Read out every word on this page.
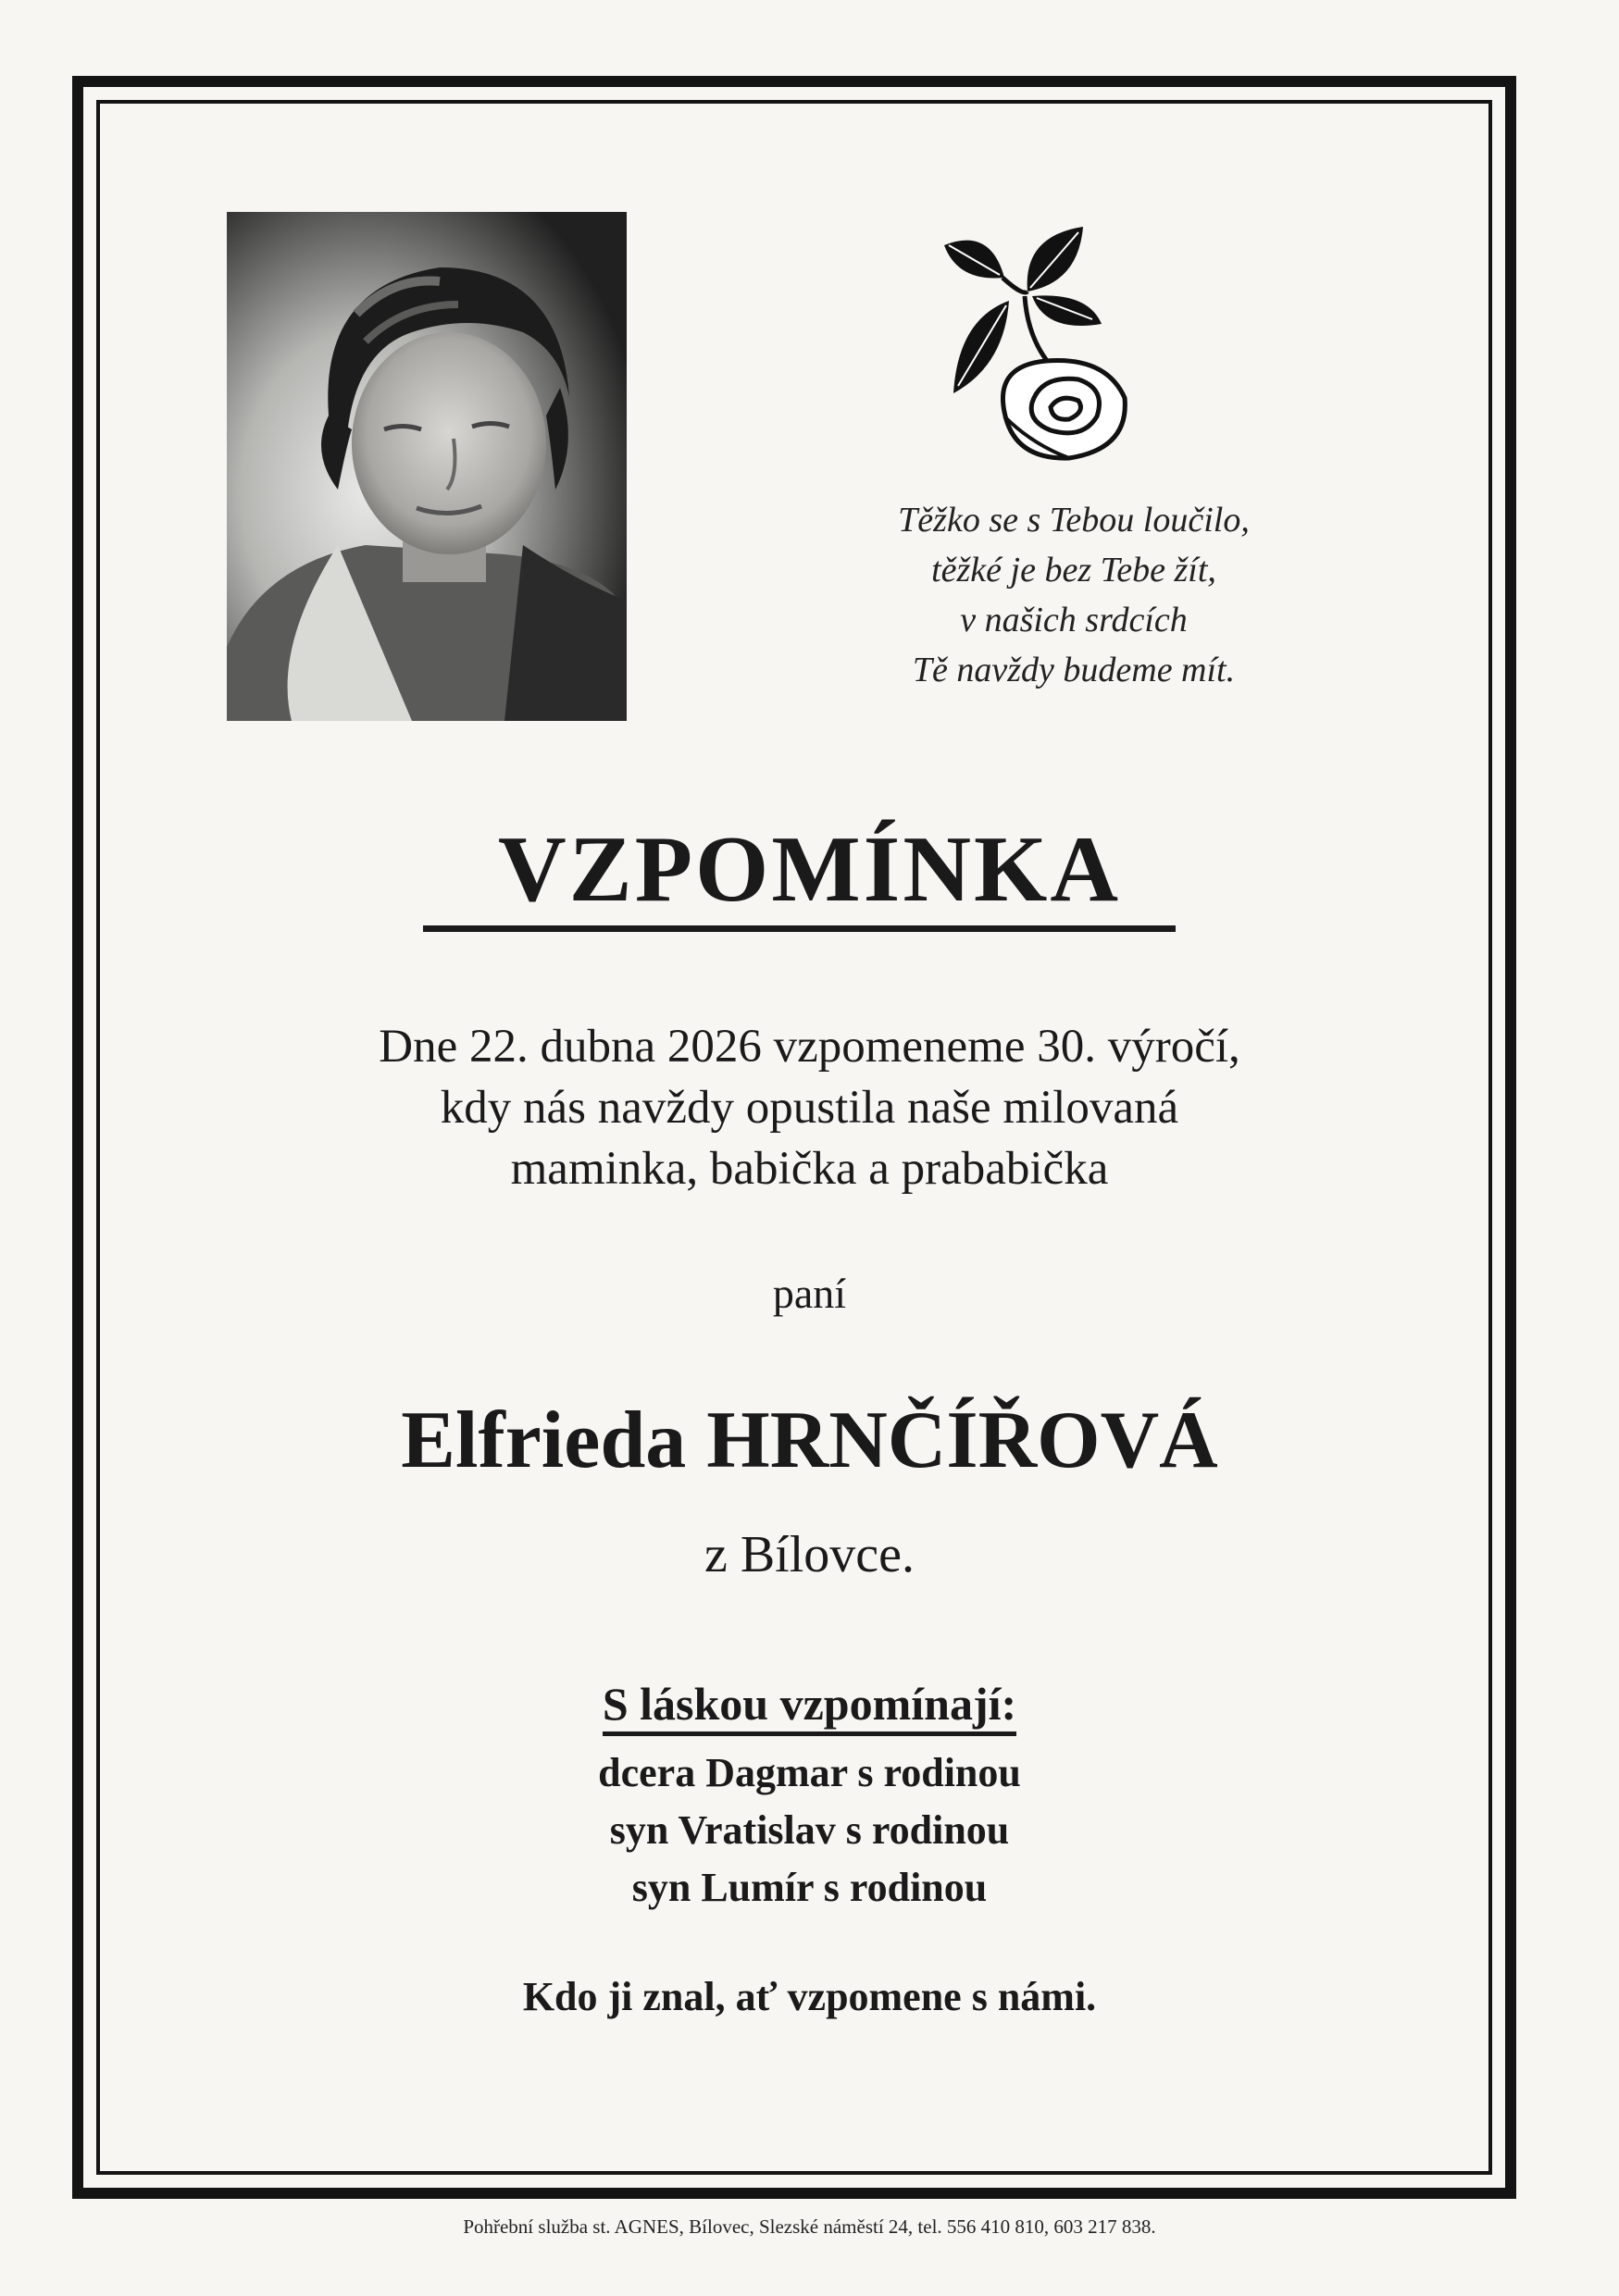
Těžko se s Tebou loučilo,
těžké je bez Tebe žít,
v našich srdcích
Tě navždy budeme mít.
VZPOMÍNKA
Dne 22. dubna 2026 vzpomeneme 30. výročí,
kdy nás navždy opustila naše milovaná
maminka, babička a prababička
paní
Elfrieda HRNČÍŘOVÁ
z Bílovce.
S láskou vzpomínají:
dcera Dagmar s rodinou
syn Vratislav s rodinou
syn Lumír s rodinou
Kdo ji znal, ať vzpomene s námi.
Pohřební služba st. AGNES, Bílovec, Slezské náměstí 24, tel. 556 410 810, 603 217 838.
